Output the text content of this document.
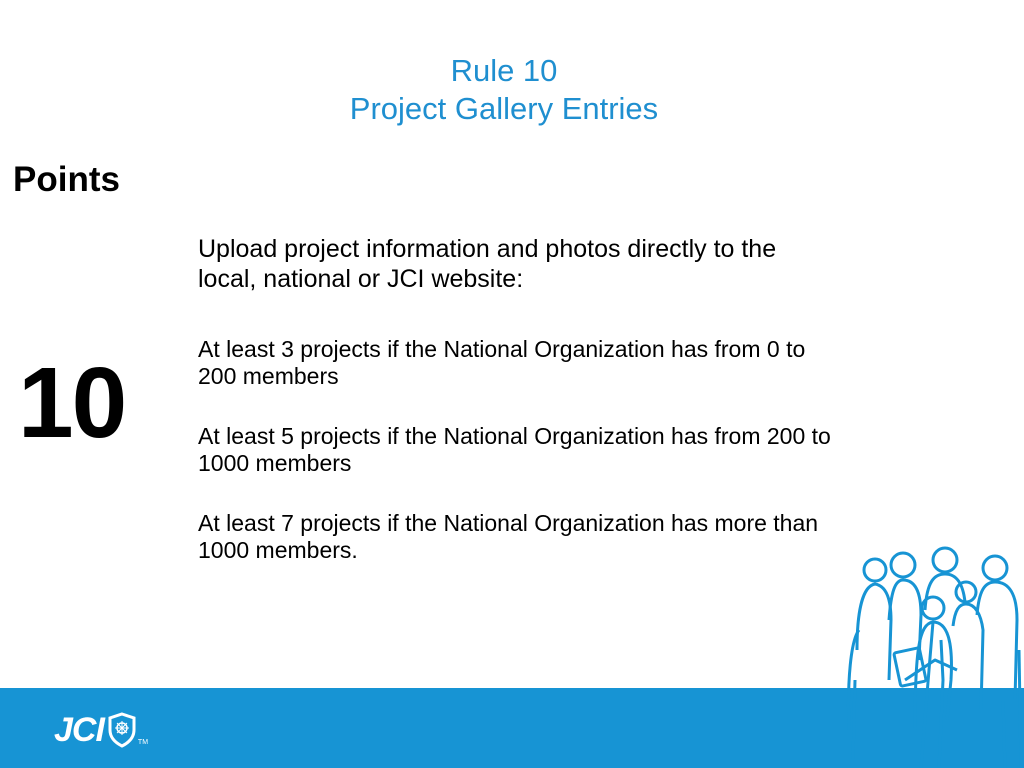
Rule 10
Project Gallery Entries
Points
10
Upload project information and photos directly to the local, national or JCI website:
At least 3 projects if the National Organization has from 0 to 200 members
At least 5 projects if the National Organization has from 200 to 1000 members
At least 7 projects if the National Organization has more than 1000 members.
JCI	TM
